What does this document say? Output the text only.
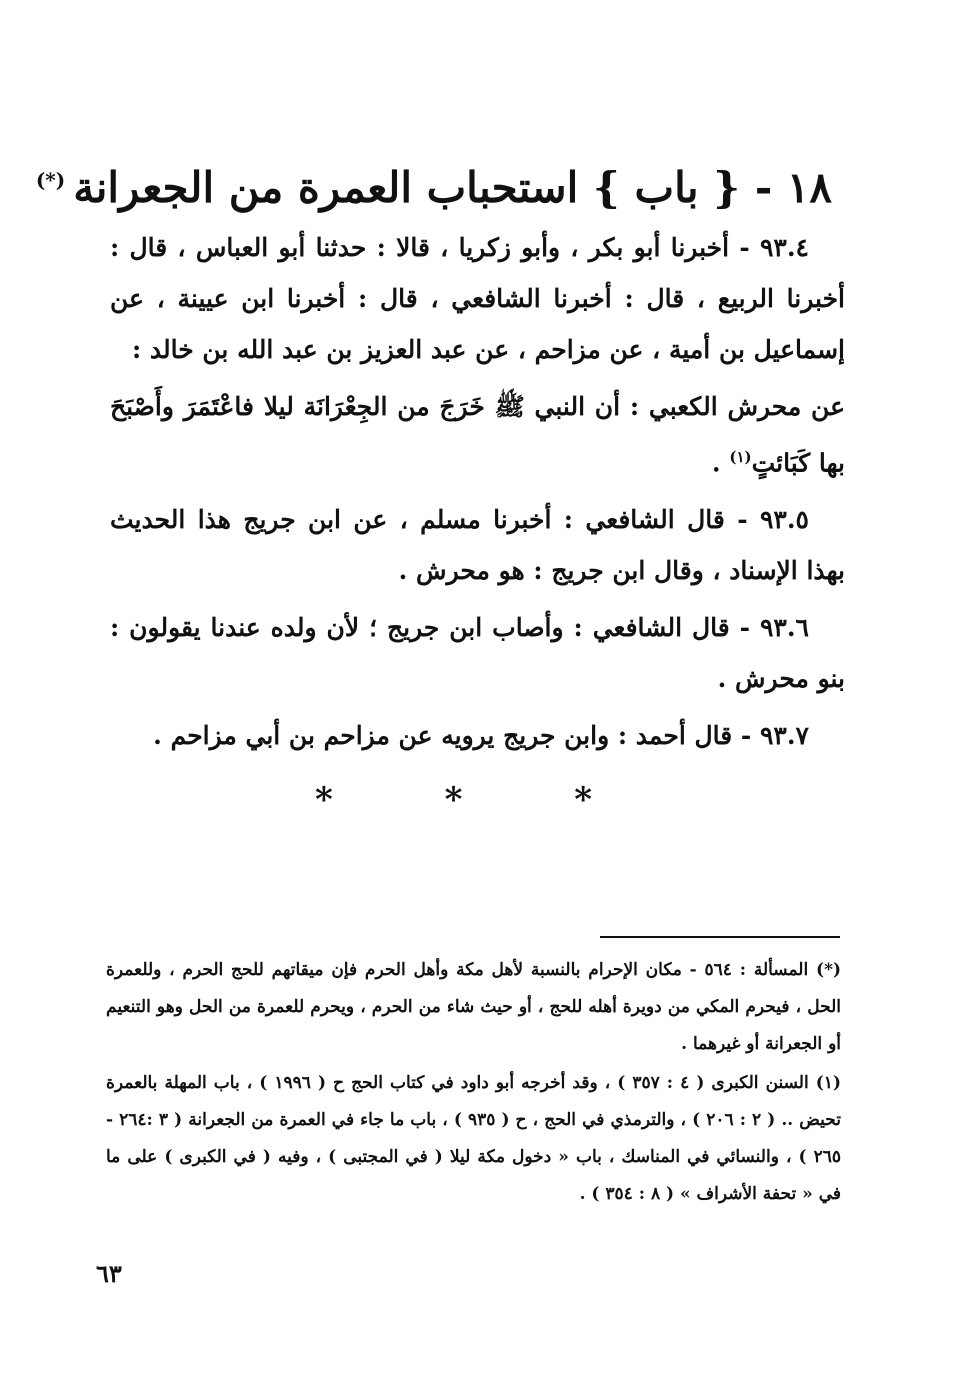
١٨ - { باب } استحباب العمرة من الجعرانة(*)

٩٣.٤ - أخبرنا أبو بكر ، وأبو زكريا ، قالا : حدثنا أبو العباس ، قال : أخبرنا الربيع ، قال : أخبرنا الشافعي ، قال : أخبرنا ابن عيينة ، عن إسماعيل بن أمية ، عن مزاحم ، عن عبد العزيز بن عبد الله بن خالد :

عن محرش الكعبي : أن النبي ﷺ خَرَجَ من الجِعْرَانَة ليلا فاعْتَمَرَ وأَصْبَحَ بها كَبَائتٍ$^{(١)}$ .

٩٣.٥ - قال الشافعي : أخبرنا مسلم ، عن ابن جريج هذا الحديث بهذا الإسناد ، وقال ابن جريج : هو محرش .

٩٣.٦ - قال الشافعي : وأصاب ابن جريج ؛ لأن ولده عندنا يقولون : بنو محرش .

٩٣.٧ - قال أحمد : وابن جريج يرويه عن مزاحم بن أبي مزاحم .

* * *

(*) المسألة : ٥٦٤ - مكان الإحرام بالنسبة لأهل مكة وأهل الحرم فإن ميقاتهم للحج الحرم ، وللعمرة الحل ، فيحرم المكي من دويرة أهله للحج ، أو حيث شاء من الحرم ، ويحرم للعمرة من الحل وهو التنعيم أو الجعرانة أو غيرهما .

(١) السنن الكبرى ( ٤ : ٣٥٧ ) ، وقد أخرجه أبو داود في كتاب الحج ح ( ١٩٩٦ ) ، باب المهلة بالعمرة تحيض .. ( ٢ : ٢٠٦ ) ، والترمذي في الحج ، ح ( ٩٣٥ ) ، باب ما جاء في العمرة من الجعرانة ( ٣ :٢٦٤ - ٢٦٥ ) ، والنسائي في المناسك ، باب « دخول مكة ليلا ( في المجتبى ) ، وفيه ( في الكبرى ) على ما في « تحفة الأشراف » ( ٨ : ٣٥٤ ) .

٦٣
